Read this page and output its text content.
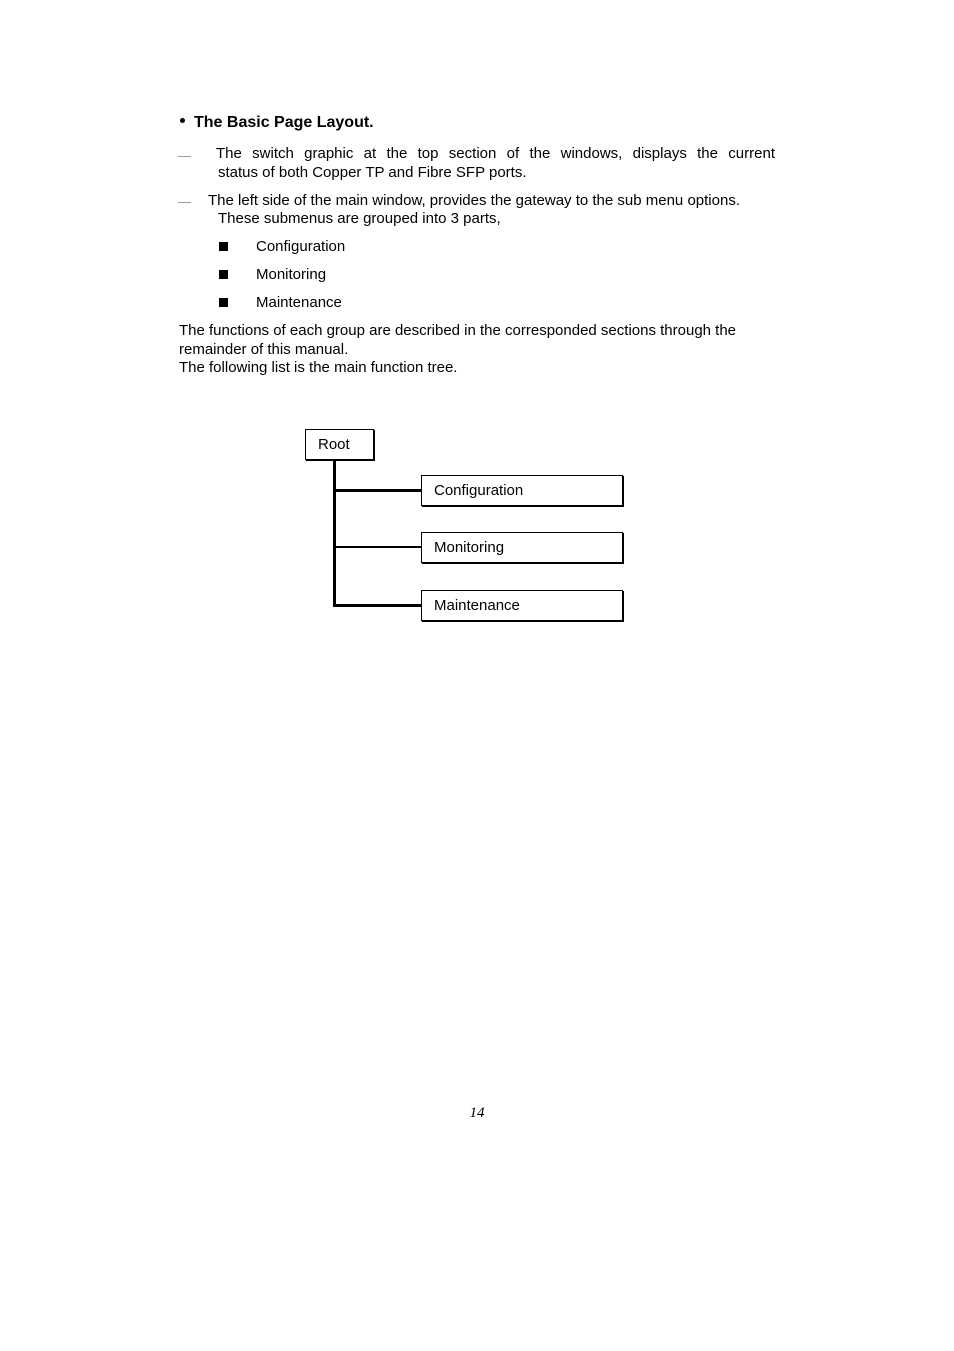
The Basic Page Layout.
The switch graphic at the top section of the windows, displays the current
status of both Copper TP and Fibre SFP ports.
The left side of the main window, provides the gateway to the sub menu options.
These submenus are grouped into 3 parts,
Configuration
Monitoring
Maintenance
The functions of each group are described in the corresponded sections through the
remainder of this manual.
The following list is the main function tree.
Root
Configuration
Monitoring
Maintenance
14
